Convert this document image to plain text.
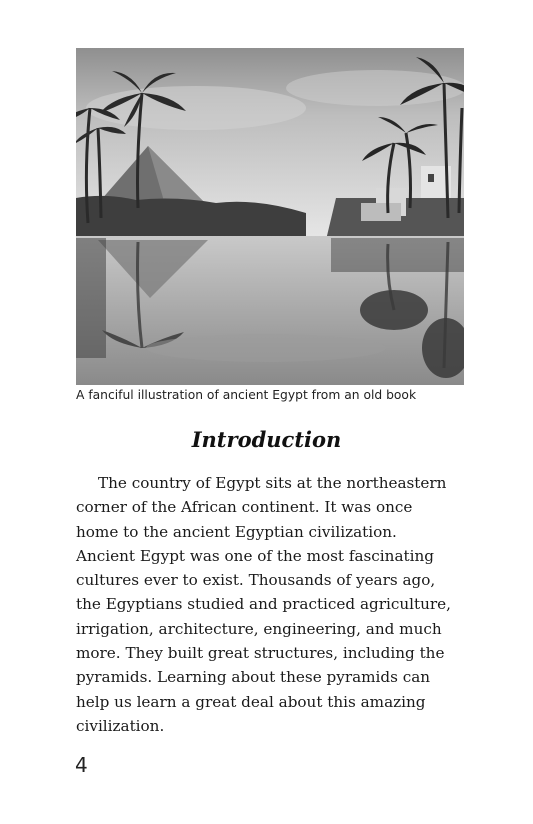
A fanciful illustration of ancient Egypt from an old book
Introduction
The country of Egypt sits at the northeastern
corner of the African continent. It was once
home to the ancient Egyptian civilization.
Ancient Egypt was one of the most fascinating
cultures ever to exist. Thousands of years ago,
the Egyptians studied and practiced agriculture,
irrigation, architecture, engineering, and much
more. They built great structures, including the
pyramids. Learning about these pyramids can
help us learn a great deal about this amazing
civilization.
4
